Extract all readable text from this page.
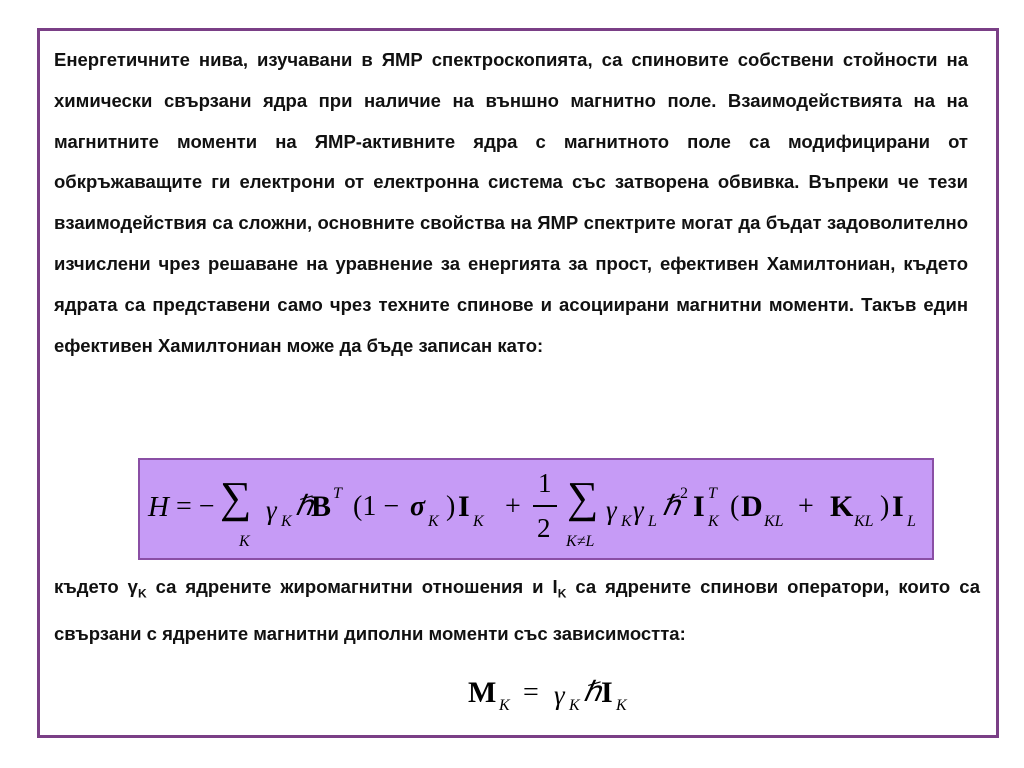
Енергетичните нива, изучавани в ЯМР спектроскопията, са спиновите собствени стойности на химически свързани ядра при наличие на външно магнитно поле. Взаимодействията на на магнитните моменти на ЯМР-активните ядра с магнитното поле са модифицирани от обкръжаващите ги електрони от електронна система със затворена обвивка. Въпреки че тези взаимодействия са сложни, основните свойства на ЯМР спектрите могат да бъдат задоволително изчислени чрез решаване на уравнение за енергията за прост, ефективен Хамилтониан, където ядрата са представени само чрез техните спинове и асоциирани магнитни моменти. Такъв един ефективен Хамилтониан може да бъде записан като:

H = − ∑
K
γ K ℏ
B T (1 − σ K ) I K +
1
2
∑
K≠L
γ K γ L ℏ 2 I T
K ( D KL + K KL ) I L

където $\gamma_K$ са ядрените жиромагнитни отношения и $I_K$ са ядрените спинови оператори, които са свързани с ядрените магнитни диполни моменти със зависимостта:

M K = γ K ℏ I K
